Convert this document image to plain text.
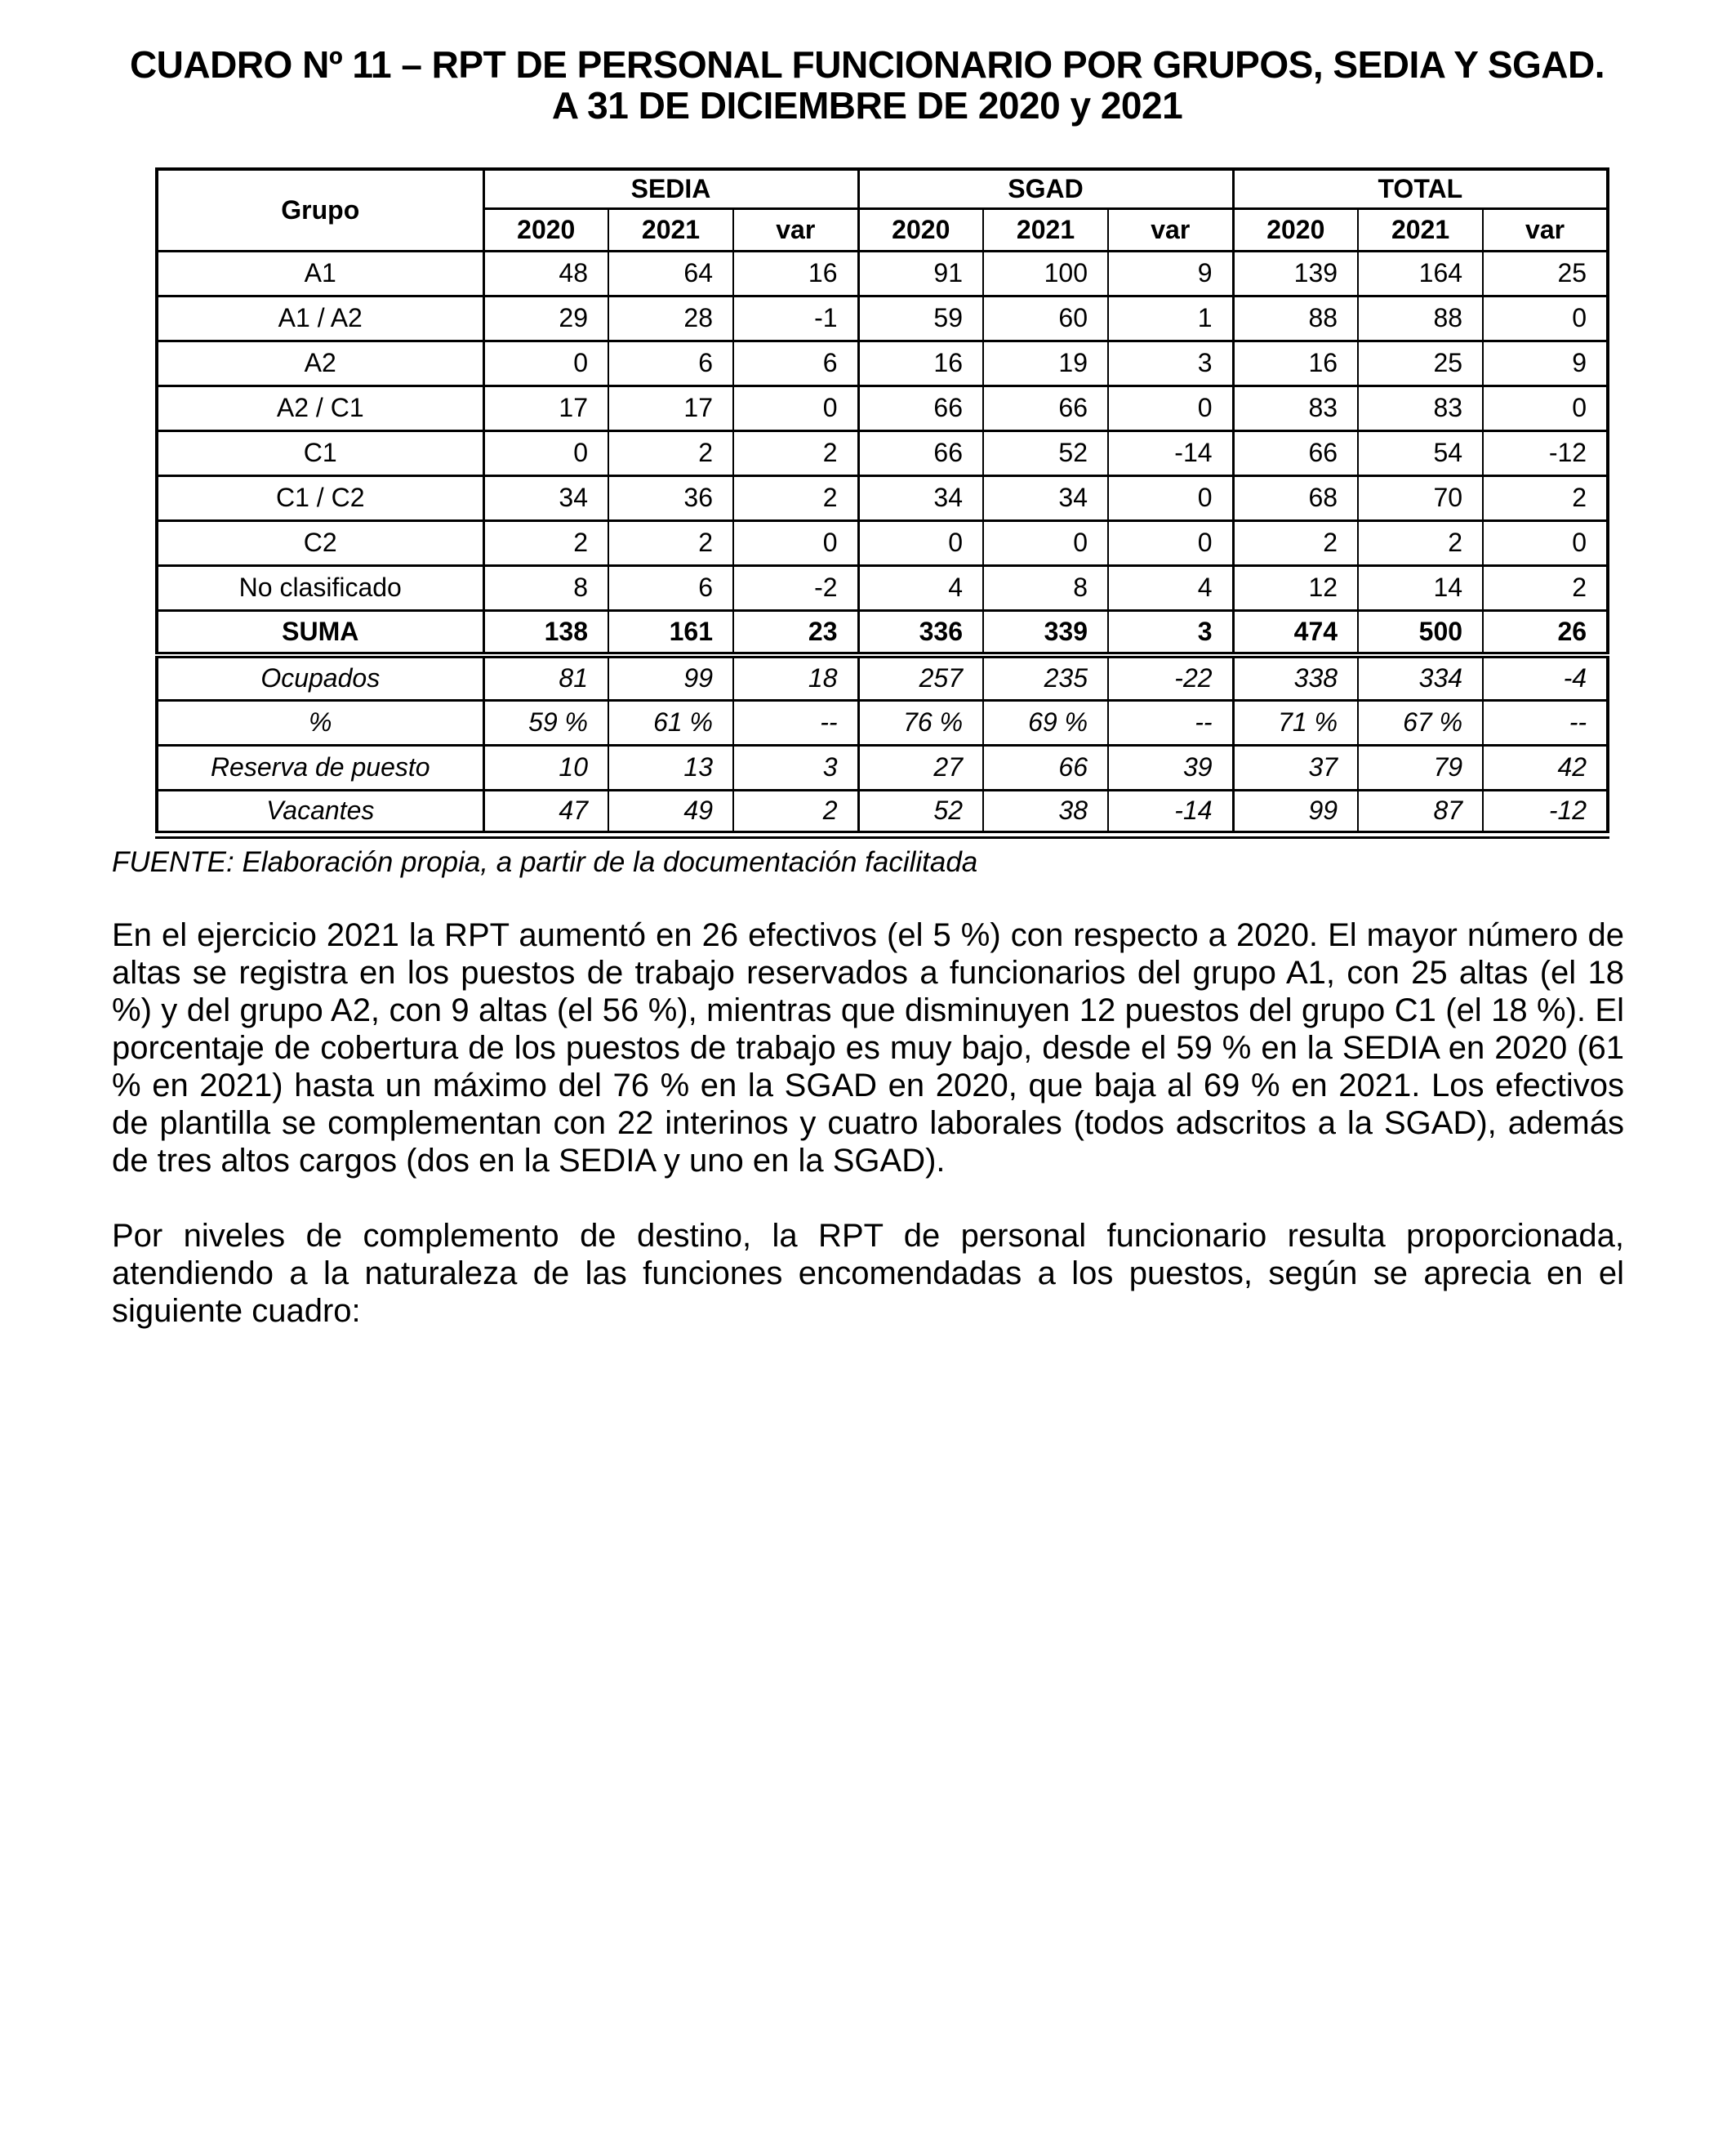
CUADRO Nº 11 – RPT DE PERSONAL FUNCIONARIO POR GRUPOS, SEDIA Y SGAD.
A 31 DE DICIEMBRE DE 2020 y 2021
Grupo	SEDIA			SGAD			TOTAL		
	2020	2021	var	2020	2021	var	2020	2021	var
A1	48	64	16	91	100	9	139	164	25
A1 / A2	29	28	-1	59	60	1	88	88	0
A2	0	6	6	16	19	3	16	25	9
A2 / C1	17	17	0	66	66	0	83	83	0
C1	0	2	2	66	52	-14	66	54	-12
C1 / C2	34	36	2	34	34	0	68	70	2
C2	2	2	0	0	0	0	2	2	0
No clasificado	8	6	-2	4	8	4	12	14	2
SUMA	138	161	23	336	339	3	474	500	26
Ocupados	81	99	18	257	235	-22	338	334	-4
%	59 %	61 %	--	76 %	69 %	--	71 %	67 %	--
Reserva de puesto	10	13	3	27	66	39	37	79	42
Vacantes	47	49	2	52	38	-14	99	87	-12
FUENTE: Elaboración propia, a partir de la documentación facilitada
En el ejercicio 2021 la RPT aumentó en 26 efectivos (el 5 %) con respecto a 2020. El mayor número de altas se registra en los puestos de trabajo reservados a funcionarios del grupo A1, con 25 altas (el 18 %) y del grupo A2, con 9 altas (el 56 %), mientras que disminuyen 12 puestos del grupo C1 (el 18 %). El porcentaje de cobertura de los puestos de trabajo es muy bajo, desde el 59 % en la SEDIA en 2020 (61 % en 2021) hasta un máximo del 76 % en la SGAD en 2020, que baja al 69 % en 2021. Los efectivos de plantilla se complementan con 22 interinos y cuatro laborales (todos adscritos a la SGAD), además de tres altos cargos (dos en la SEDIA y uno en la SGAD).
Por niveles de complemento de destino, la RPT de personal funcionario resulta proporcionada, atendiendo a la naturaleza de las funciones encomendadas a los puestos, según se aprecia en el siguiente cuadro:
